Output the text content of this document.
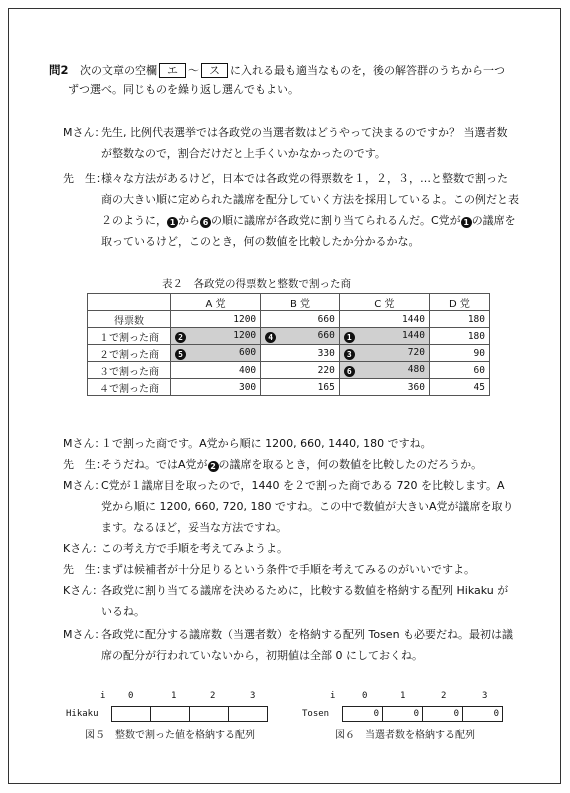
問2 次の文章の空欄 エ 〜 ス に入れる最も適当なものを，後の解答群のうちから一つ
ずつ選べ。同じものを繰り返し選んでもよい。
Mさん：
先生, 比例代表選挙では各政党の当選者数はどうやって決まるのですか？ 当選者数
が整数なので，割合だけだと上手くいかなかったのです。
先　生：
様々な方法があるけど，日本では各政党の得票数を１，２，３，…と整数で割った
商の大きい順に定められた議席を配分していく方法を採用しているよ。この例だと表
２のように， 1 から 6 の順に議席が各政党に割り当てられるんだ。C党が 1 の議席を
取っているけど，このとき，何の数値を比較したか分かるかな。
表２　各政党の得票数と整数で割った商
	A 党	B 党	C 党	D 党
得票数	1200	660	1440	180
１で割った商	2 1200	4 660	1 1440	180
２で割った商	5 600	330	3 720	90
３で割った商	400	220	6 480	60
４で割った商	300	165	360	45
Mさん：
１で割った商です。A党から順に 1200, 660, 1440, 180 ですね。
先　生：
そうだね。ではA党が 2 の議席を取るとき，何の数値を比較したのだろうか。
Mさん：
C党が１議席目を取ったので，1440 を２で割った商である 720 を比較します。A
党から順に 1200, 660, 720, 180 ですね。この中で数値が大きいA党が議席を取り
ます。なるほど，妥当な方法ですね。
Kさん：
この考え方で手順を考えてみようよ。
先　生：
まずは候補者が十分足りるという条件で手順を考えてみるのがいいですよ。
Kさん：
各政党に割り当てる議席を決めるために，比較する数値を格納する配列 Hikaku が
いるね。
Mさん：
各政党に配分する議席数（当選者数）を格納する配列 Tosen も必要だね。最初は議
席の配分が行われていないから，初期値は全部 0 にしておくね。
i	0	1	2	3
Hikaku
図５　整数で割った値を格納する配列
i	0	1	2	3
Tosen	0	0	0	0
図６　当選者数を格納する配列
